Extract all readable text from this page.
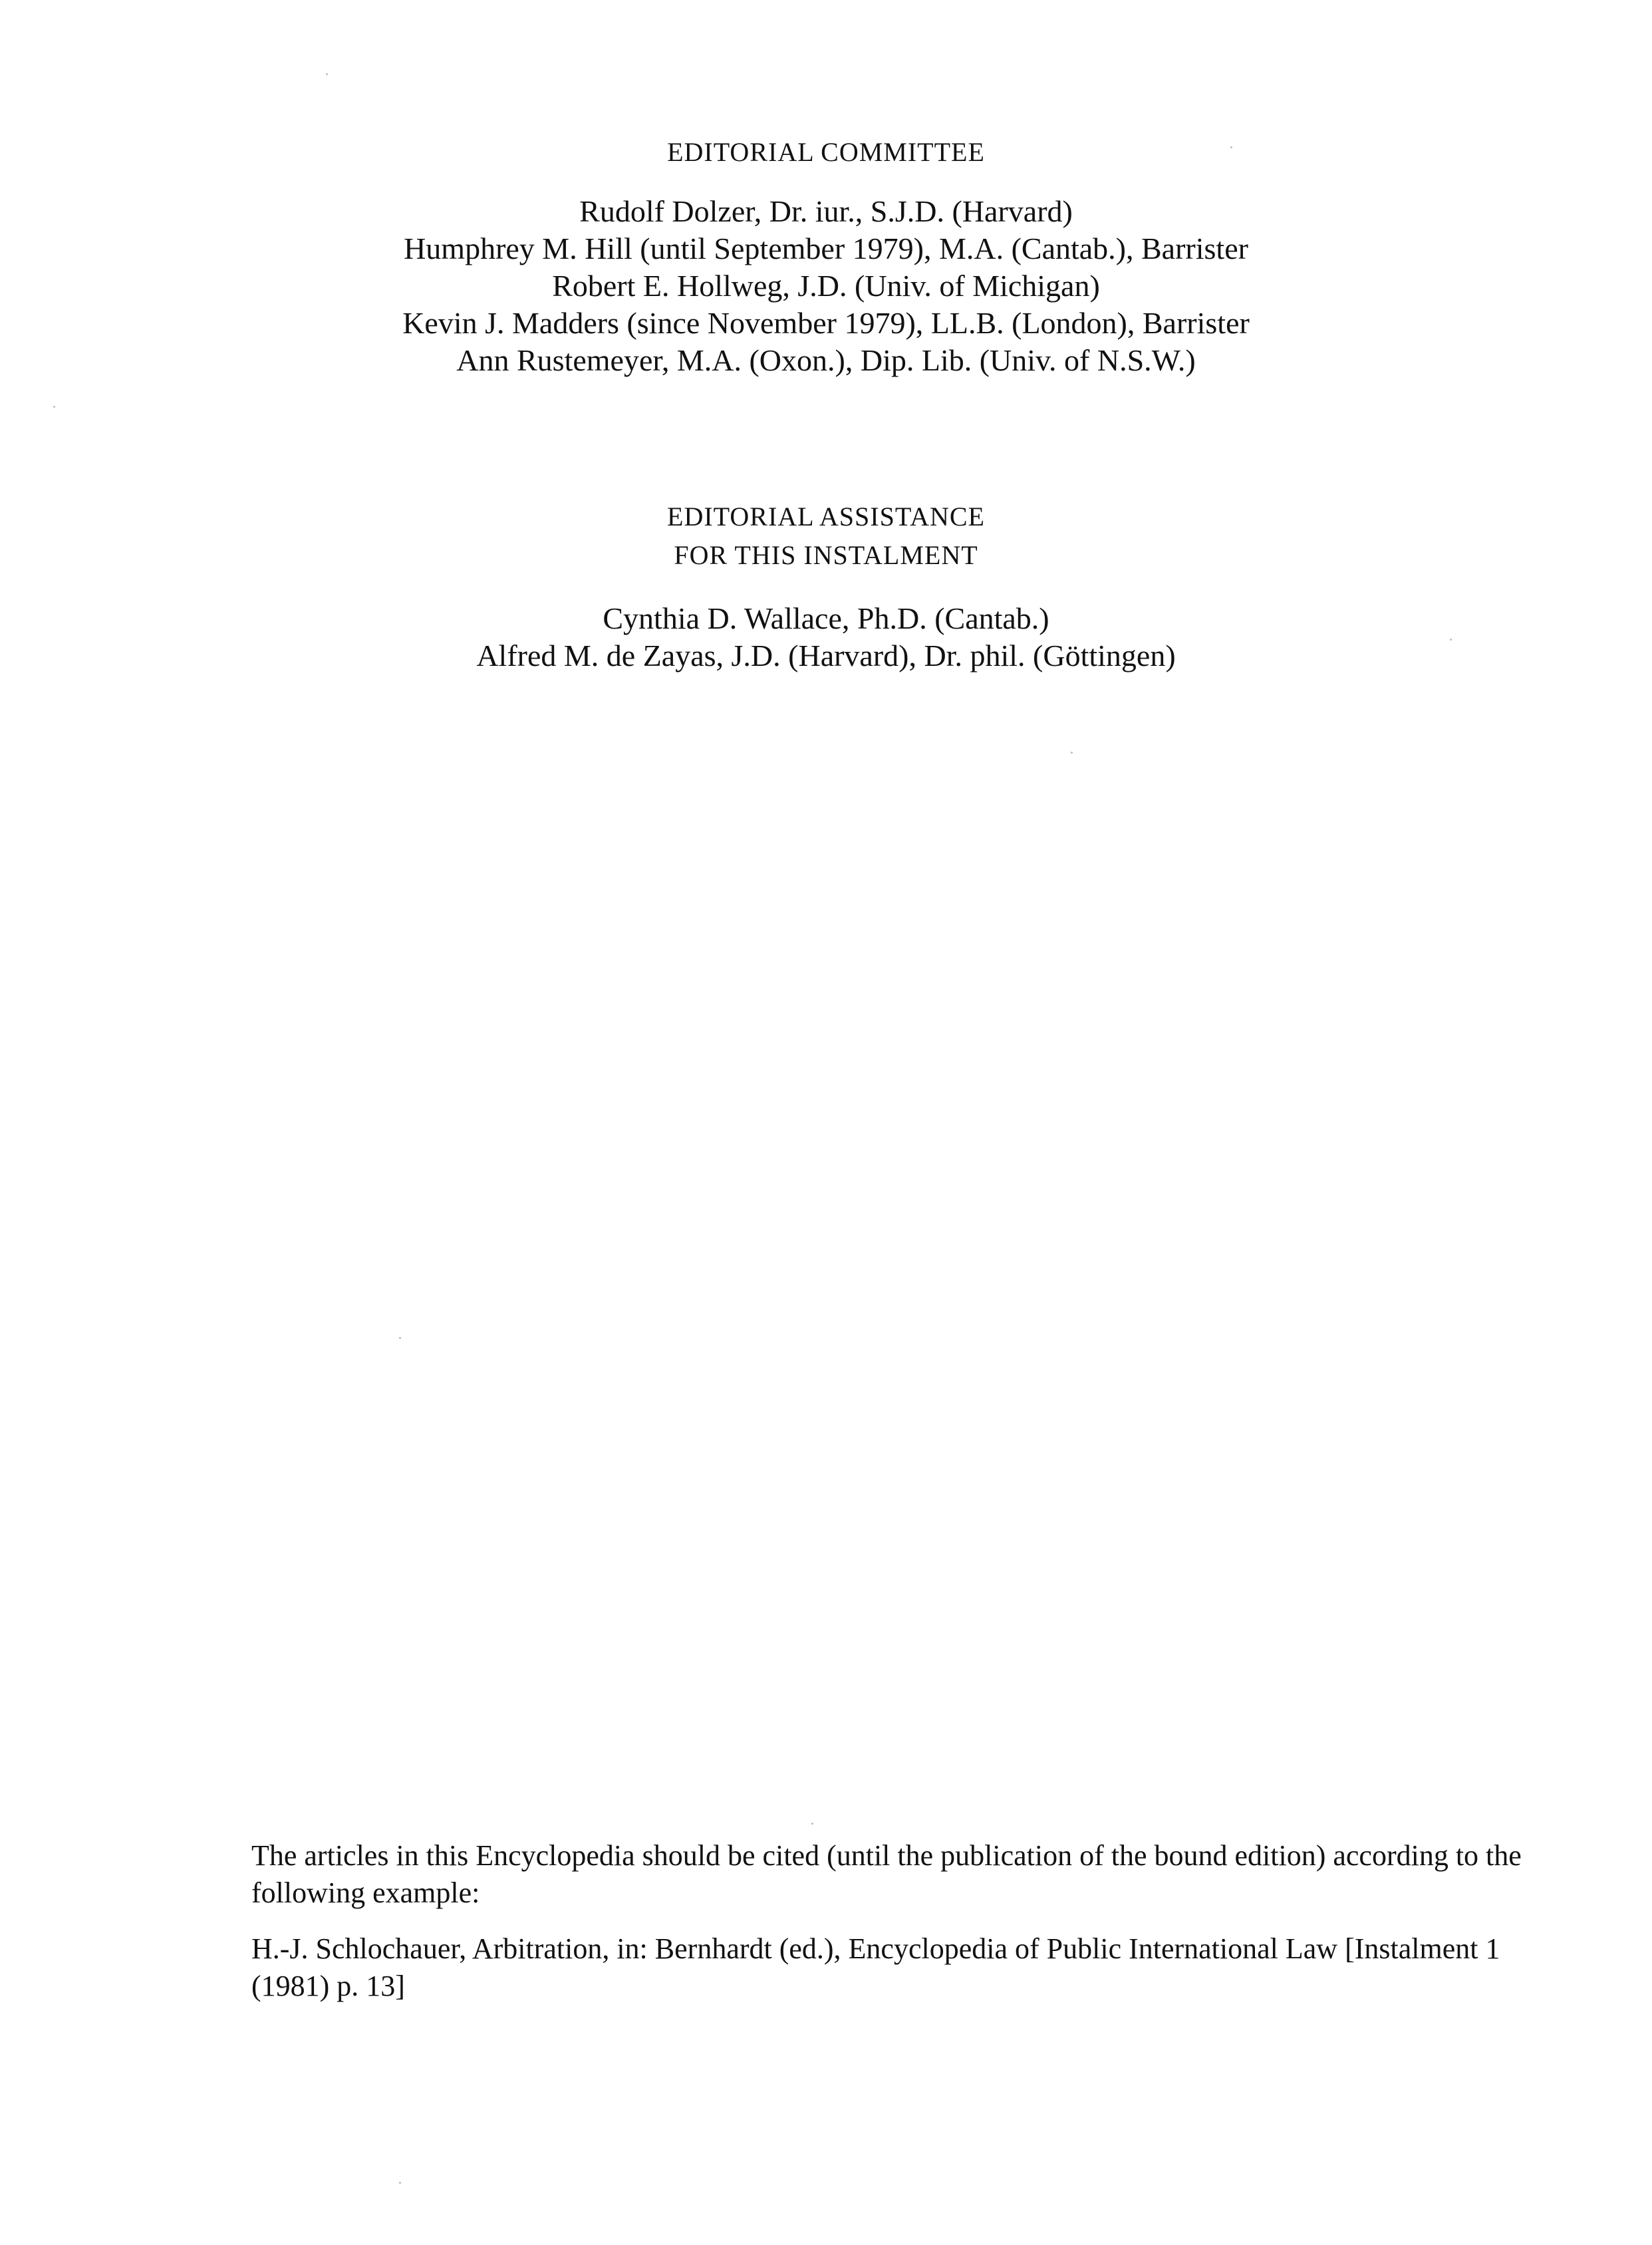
EDITORIAL COMMITTEE
Rudolf Dolzer, Dr. iur., S.J.D. (Harvard)
Humphrey M. Hill (until September 1979), M.A. (Cantab.), Barrister
Robert E. Hollweg, J.D. (Univ. of Michigan)
Kevin J. Madders (since November 1979), LL.B. (London), Barrister
Ann Rustemeyer, M.A. (Oxon.), Dip. Lib. (Univ. of N.S.W.)
EDITORIAL ASSISTANCE
FOR THIS INSTALMENT
Cynthia D. Wallace, Ph.D. (Cantab.)
Alfred M. de Zayas, J.D. (Harvard), Dr. phil. (Göttingen)

The articles in this Encyclopedia should be cited (until the publication of the bound edition) according to the following example:

H.-J. Schlochauer, Arbitration, in: Bernhardt (ed.), Encyclopedia of Public International Law [Instalment 1 (1981) p. 13]
